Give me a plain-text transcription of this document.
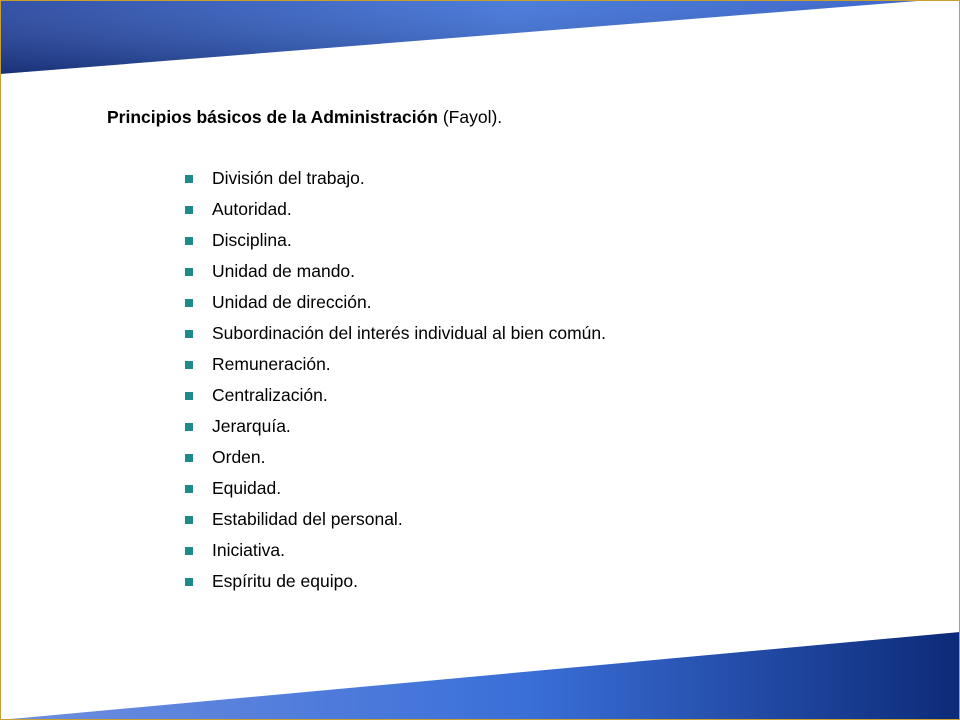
Principios básicos de la Administración (Fayol).
División del trabajo.
Autoridad.
Disciplina.
Unidad de mando.
Unidad de dirección.
Subordinación del interés individual al bien común.
Remuneración.
Centralización.
Jerarquía.
Orden.
Equidad.
Estabilidad del personal.
Iniciativa.
Espíritu de equipo.
